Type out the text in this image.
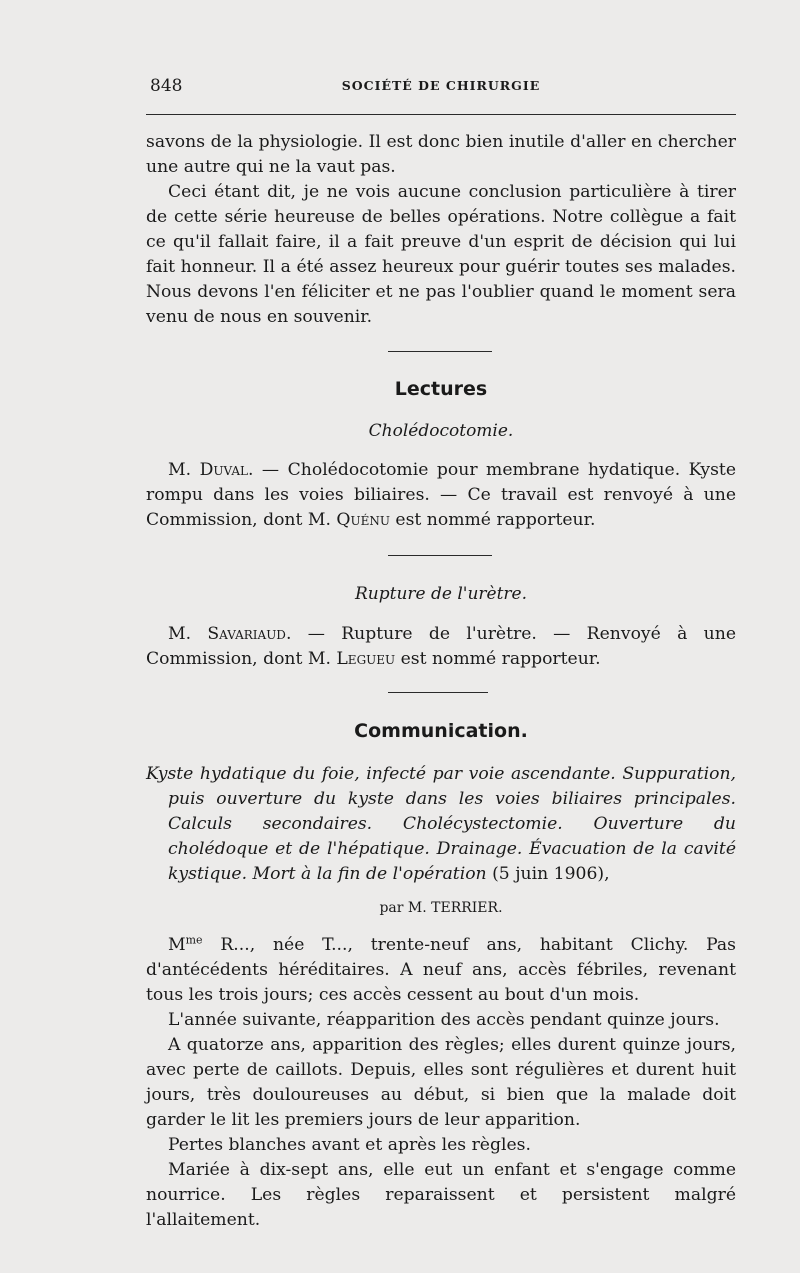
848	SOCIÉTÉ DE CHIRURGIE

savons de la physiologie. Il est donc bien inutile d'aller en chercher une autre qui ne la vaut pas.

Ceci étant dit, je ne vois aucune conclusion particulière à tirer de cette série heureuse de belles opérations. Notre collègue a fait ce qu'il fallait faire, il a fait preuve d'un esprit de décision qui lui fait honneur. Il a été assez heureux pour guérir toutes ses malades. Nous devons l'en féliciter et ne pas l'oublier quand le moment sera venu de nous en souvenir.

Lectures
Cholédocotomie.

M. Duval. — Cholédocotomie pour membrane hydatique. Kyste rompu dans les voies biliaires. — Ce travail est renvoyé à une Commission, dont M. Quénu est nommé rapporteur.

Rupture de l'urètre.

M. Savariaud. — Rupture de l'urètre. — Renvoyé à une Commission, dont M. Legueu est nommé rapporteur.

Communication.
Kyste hydatique du foie, infecté par voie ascendante. Suppuration, puis ouverture du kyste dans les voies biliaires principales. Calculs secondaires. Cholécystectomie. Ouverture du cholédoque et de l'hépatique. Drainage. Évacuation de la cavité kystique. Mort à la fin de l'opération (5 juin 1906),
par M. TERRIER.

$M^{me}$ R..., née T..., trente-neuf ans, habitant Clichy. Pas d'antécédents héréditaires. A neuf ans, accès fébriles, revenant tous les trois jours; ces accès cessent au bout d'un mois.

L'année suivante, réapparition des accès pendant quinze jours.

A quatorze ans, apparition des règles; elles durent quinze jours, avec perte de caillots. Depuis, elles sont régulières et durent huit jours, très douloureuses au début, si bien que la malade doit garder le lit les premiers jours de leur apparition.

Pertes blanches avant et après les règles.

Mariée à dix-sept ans, elle eut un enfant et s'engage comme nourrice. Les règles reparaissent et persistent malgré l'allaitement.
